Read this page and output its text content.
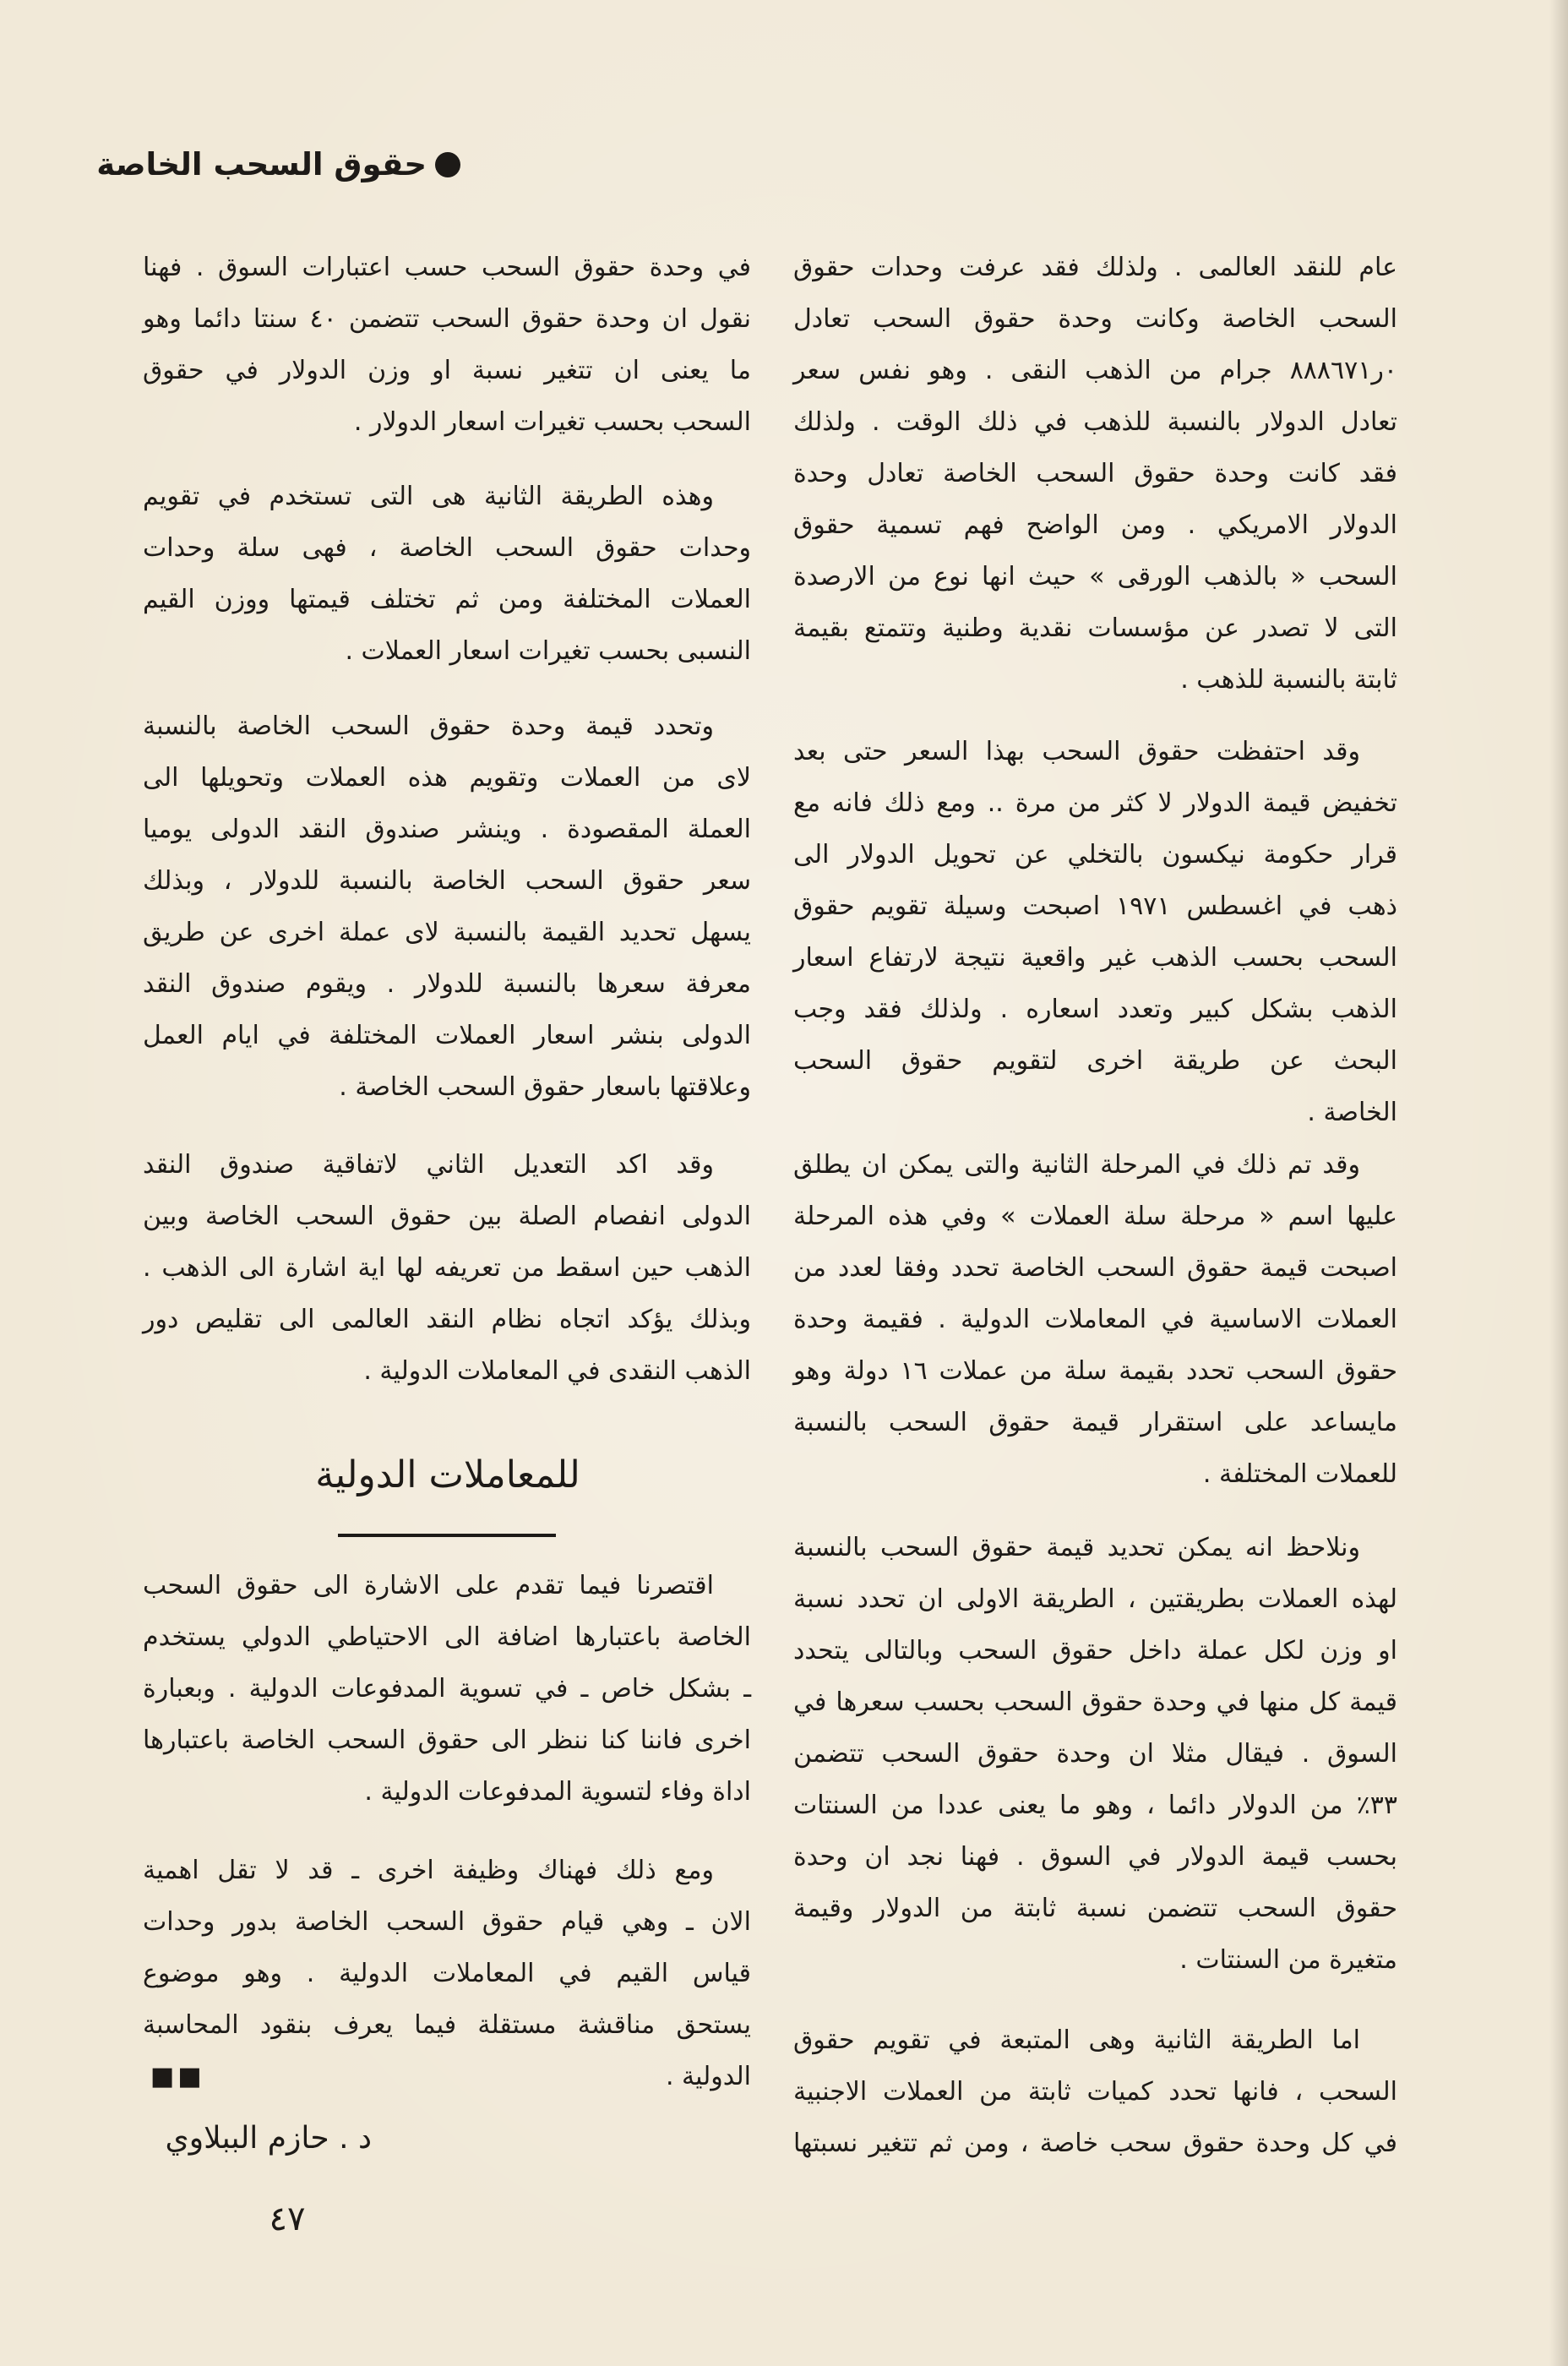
حقوق السحب الخاصة
عام للنقد العالمى . ولذلك فقد عرفت وحدات حقوق
السحب الخاصة وكانت وحدة حقوق السحب تعادل
٠ر٨٨٨٦٧١ جرام من الذهب النقى . وهو نفس سعر
تعادل الدولار بالنسبة للذهب في ذلك الوقت . ولذلك
فقد كانت وحدة حقوق السحب الخاصة تعادل وحدة
الدولار الامريكي . ومن الواضح فهم تسمية حقوق
السحب « بالذهب الورقى » حيث انها نوع من الارصدة
التى لا تصدر عن مؤسسات نقدية وطنية وتتمتع بقيمة
ثابتة بالنسبة للذهب .
وقد احتفظت حقوق السحب بهذا السعر حتى بعد
تخفيض قيمة الدولار لا كثر من مرة .. ومع ذلك فانه مع
قرار حكومة نيكسون بالتخلي عن تحويل الدولار الى
ذهب في اغسطس ١٩٧١ اصبحت وسيلة تقويم حقوق
السحب بحسب الذهب غير واقعية نتيجة لارتفاع اسعار
الذهب بشكل كبير وتعدد اسعاره . ولذلك فقد وجب
البحث عن طريقة اخرى لتقويم حقوق السحب
الخاصة .
وقد تم ذلك في المرحلة الثانية والتى يمكن ان يطلق
عليها اسم « مرحلة سلة العملات » وفي هذه المرحلة
اصبحت قيمة حقوق السحب الخاصة تحدد وفقا لعدد من
العملات الاساسية في المعاملات الدولية . فقيمة وحدة
حقوق السحب تحدد بقيمة سلة من عملات ١٦ دولة وهو
مايساعد على استقرار قيمة حقوق السحب بالنسبة
للعملات المختلفة .
ونلاحظ انه يمكن تحديد قيمة حقوق السحب بالنسبة
لهذه العملات بطريقتين ، الطريقة الاولى ان تحدد نسبة
او وزن لكل عملة داخل حقوق السحب وبالتالى يتحدد
قيمة كل منها في وحدة حقوق السحب بحسب سعرها في
السوق . فيقال مثلا ان وحدة حقوق السحب تتضمن
٣٣٪ من الدولار دائما ، وهو ما يعنى عددا من السنتات
بحسب قيمة الدولار في السوق . فهنا نجد ان وحدة
حقوق السحب تتضمن نسبة ثابتة من الدولار وقيمة
متغيرة من السنتات .
اما الطريقة الثانية وهى المتبعة في تقويم حقوق
السحب ، فانها تحدد كميات ثابتة من العملات الاجنبية
في كل وحدة حقوق سحب خاصة ، ومن ثم تتغير نسبتها
في وحدة حقوق السحب حسب اعتبارات السوق . فهنا
نقول ان وحدة حقوق السحب تتضمن ٤٠ سنتا دائما وهو
ما يعنى ان تتغير نسبة او وزن الدولار في حقوق
السحب بحسب تغيرات اسعار الدولار .
وهذه الطريقة الثانية هى التى تستخدم في تقويم
وحدات حقوق السحب الخاصة ، فهى سلة وحدات
العملات المختلفة ومن ثم تختلف قيمتها ووزن القيم
النسبى بحسب تغيرات اسعار العملات .
وتحدد قيمة وحدة حقوق السحب الخاصة بالنسبة
لاى من العملات وتقويم هذه العملات وتحويلها الى
العملة المقصودة . وينشر صندوق النقد الدولى يوميا
سعر حقوق السحب الخاصة بالنسبة للدولار ، وبذلك
يسهل تحديد القيمة بالنسبة لاى عملة اخرى عن طريق
معرفة سعرها بالنسبة للدولار . ويقوم صندوق النقد
الدولى بنشر اسعار العملات المختلفة في ايام العمل
وعلاقتها باسعار حقوق السحب الخاصة .
وقد اكد التعديل الثاني لاتفاقية صندوق النقد
الدولى انفصام الصلة بين حقوق السحب الخاصة وبين
الذهب حين اسقط من تعريفه لها اية اشارة الى الذهب .
وبذلك يؤكد اتجاه نظام النقد العالمى الى تقليص دور
الذهب النقدى في المعاملات الدولية .
اقتصرنا فيما تقدم على الاشارة الى حقوق السحب
الخاصة باعتبارها اضافة الى الاحتياطي الدولي يستخدم
ـ بشكل خاص ـ في تسوية المدفوعات الدولية . وبعبارة
اخرى فاننا كنا ننظر الى حقوق السحب الخاصة باعتبارها
اداة وفاء لتسوية المدفوعات الدولية .
ومع ذلك فهناك وظيفة اخرى ـ قد لا تقل اهمية
الان ـ وهي قيام حقوق السحب الخاصة بدور وحدات
قياس القيم في المعاملات الدولية . وهو موضوع
يستحق مناقشة مستقلة فيما يعرف بنقود المحاسبة
الدولية .
للمعاملات الدولية
■■
د . حازم الببلاوي
٤٧
